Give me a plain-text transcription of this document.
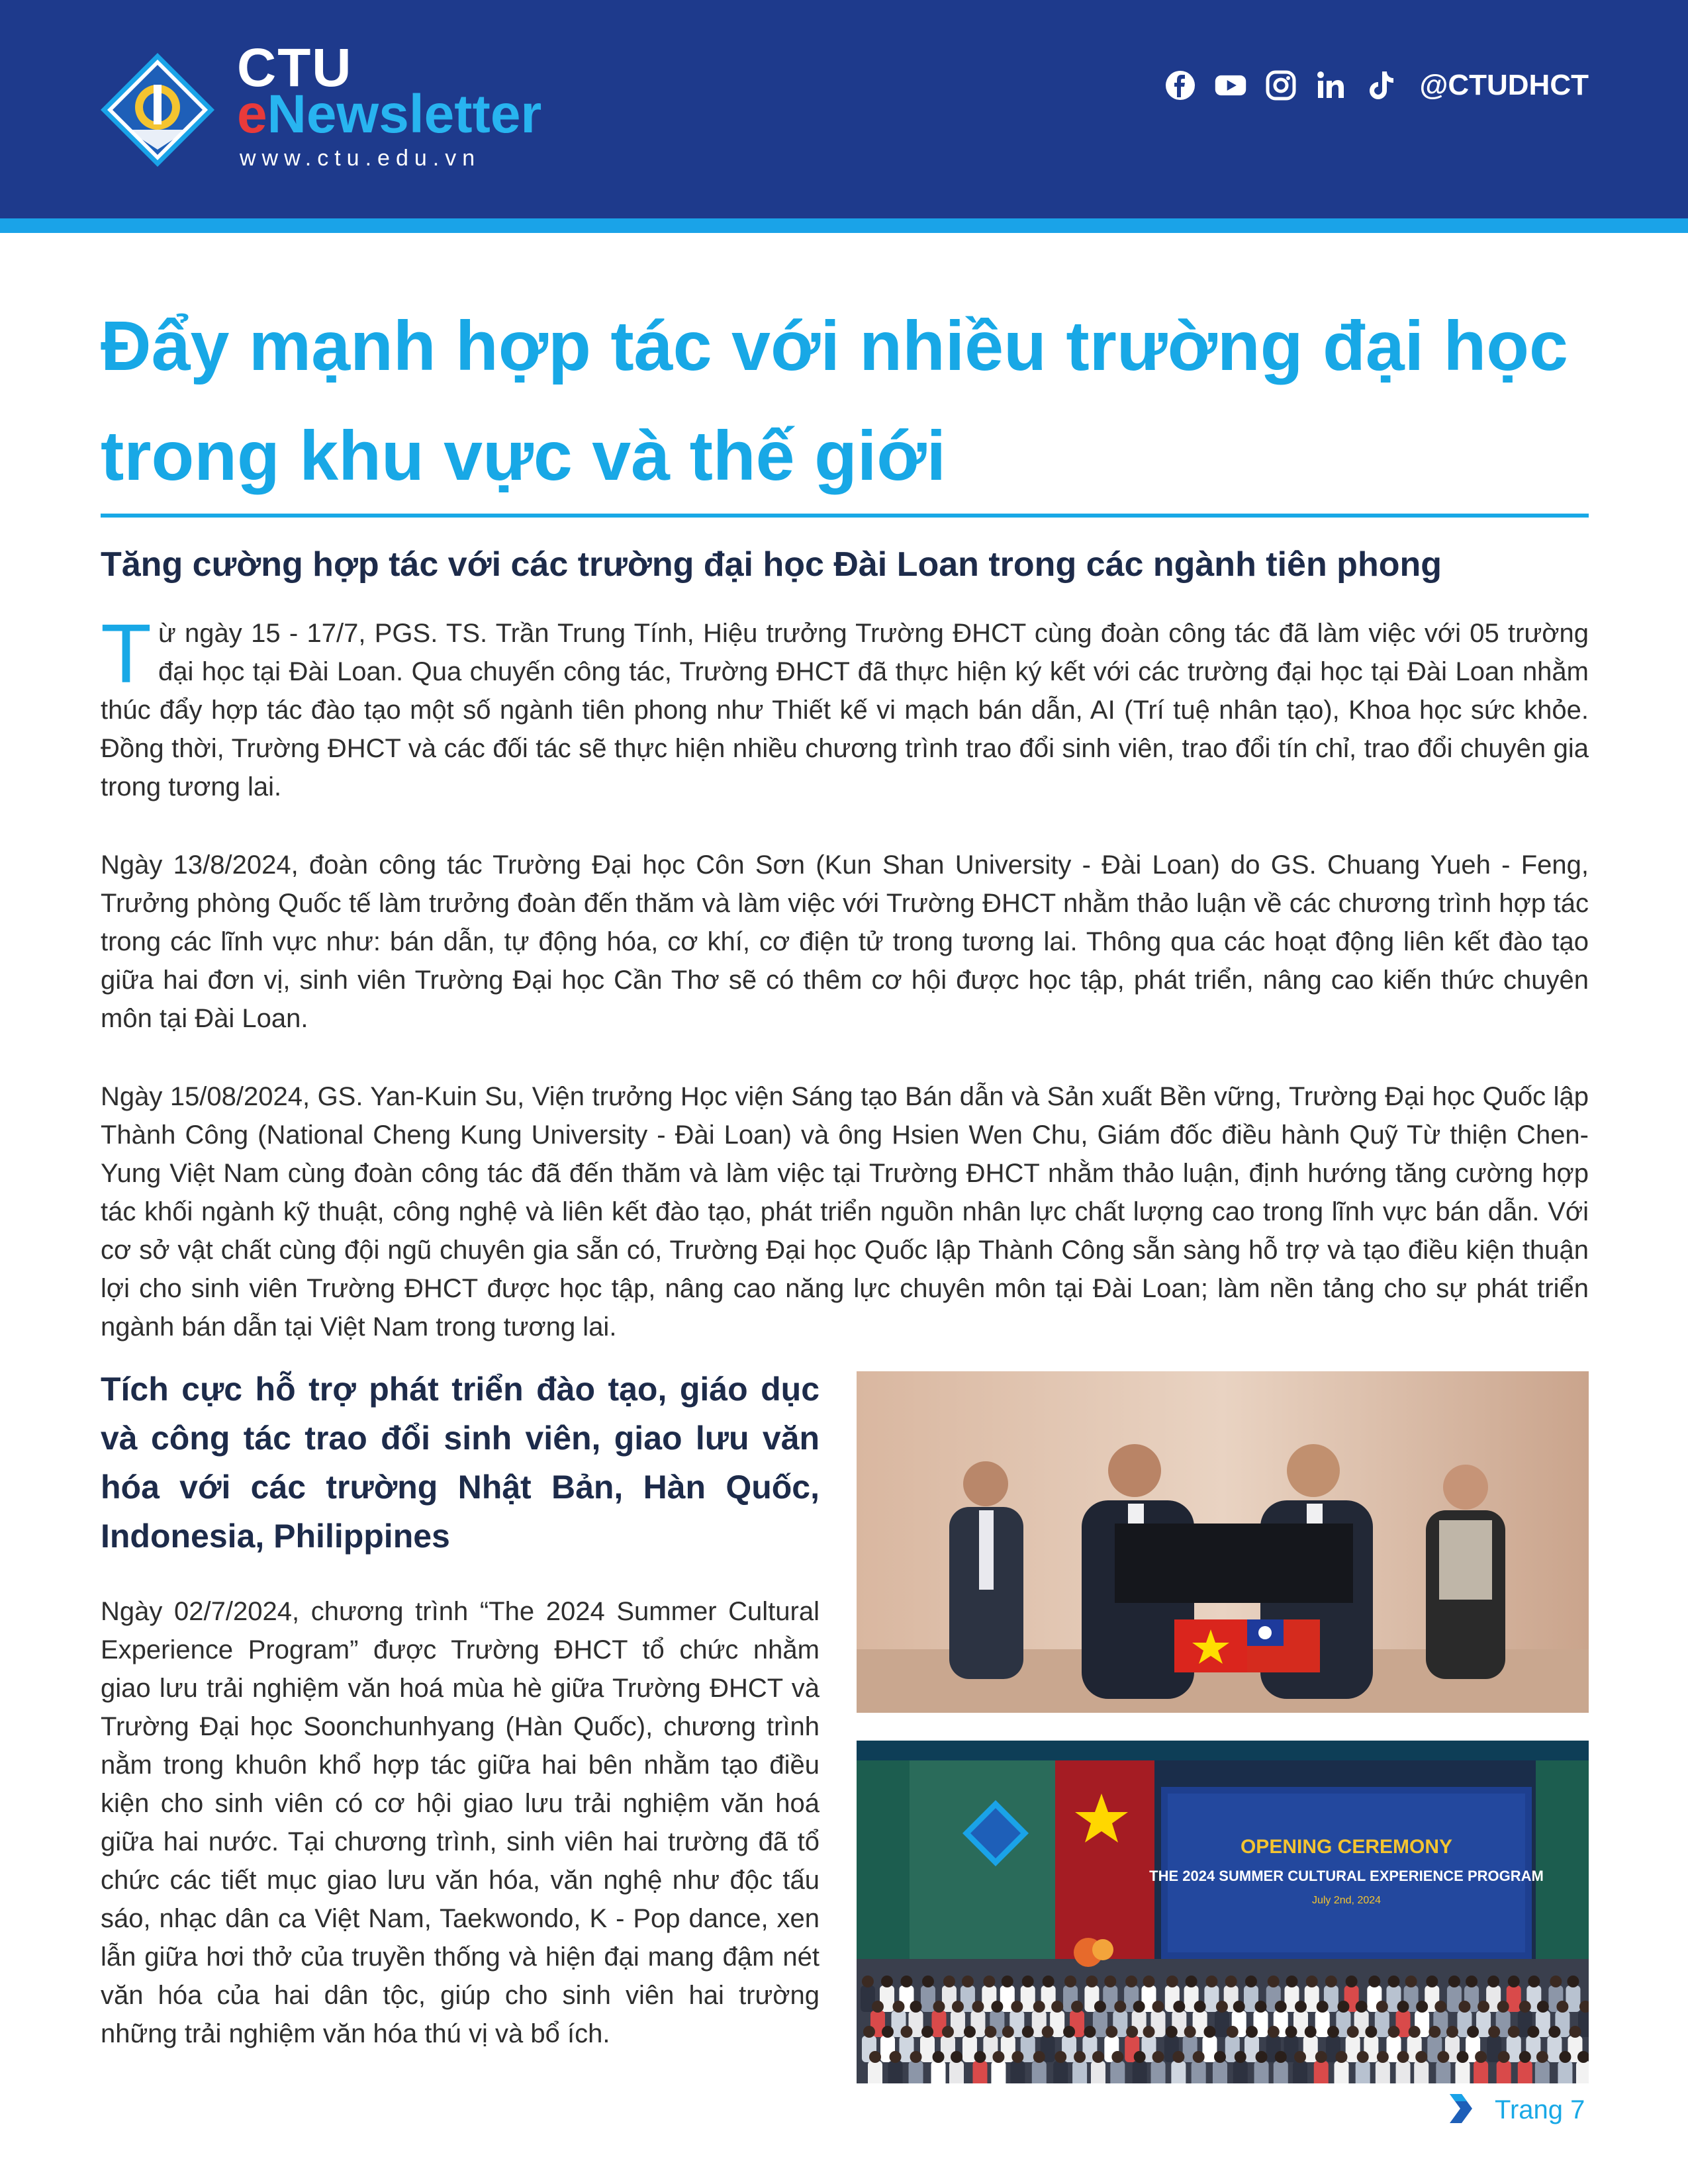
CTU
eNewsletter
www.ctu.edu.vn
@CTUDHCT
Đẩy mạnh hợp tác với nhiều trường đại học trong khu vực và thế giới
Tăng cường hợp tác với các trường đại học Đài Loan trong các ngành tiên phong

Từ ngày 15 - 17/7, PGS. TS. Trần Trung Tính, Hiệu trưởng Trường ĐHCT cùng đoàn công tác đã làm việc với 05 trường đại học tại Đài Loan. Qua chuyến công tác, Trường ĐHCT đã thực hiện ký kết với các trường đại học tại Đài Loan nhằm thúc đẩy hợp tác đào tạo một số ngành tiên phong như Thiết kế vi mạch bán dẫn, AI (Trí tuệ nhân tạo), Khoa học sức khỏe. Đồng thời, Trường ĐHCT và các đối tác sẽ thực hiện nhiều chương trình trao đổi sinh viên, trao đổi tín chỉ, trao đổi chuyên gia trong tương lai.

Ngày 13/8/2024, đoàn công tác Trường Đại học Côn Sơn (Kun Shan University - Đài Loan) do GS. Chuang Yueh - Feng, Trưởng phòng Quốc tế làm trưởng đoàn đến thăm và làm việc với Trường ĐHCT nhằm thảo luận về các chương trình hợp tác trong các lĩnh vực như: bán dẫn, tự động hóa, cơ khí, cơ điện tử trong tương lai. Thông qua các hoạt động liên kết đào tạo giữa hai đơn vị, sinh viên Trường Đại học Cần Thơ sẽ có thêm cơ hội được học tập, phát triển, nâng cao kiến thức chuyên môn tại Đài Loan.

Ngày 15/08/2024, GS. Yan-Kuin Su, Viện trưởng Học viện Sáng tạo Bán dẫn và Sản xuất Bền vững, Trường Đại học Quốc lập Thành Công (National Cheng Kung University - Đài Loan) và ông Hsien Wen Chu, Giám đốc điều hành Quỹ Từ thiện Chen-Yung Việt Nam cùng đoàn công tác đã đến thăm và làm việc tại Trường ĐHCT nhằm thảo luận, định hướng tăng cường hợp tác khối ngành kỹ thuật, công nghệ và liên kết đào tạo, phát triển nguồn nhân lực chất lượng cao trong lĩnh vực bán dẫn. Với cơ sở vật chất cùng đội ngũ chuyên gia sẵn có, Trường Đại học Quốc lập Thành Công sẵn sàng hỗ trợ và tạo điều kiện thuận lợi cho sinh viên Trường ĐHCT được học tập, nâng cao năng lực chuyên môn tại Đài Loan; làm nền tảng cho sự phát triển ngành bán dẫn tại Việt Nam trong tương lai.

Tích cực hỗ trợ phát triển đào tạo, giáo dục và công tác trao đổi sinh viên, giao lưu văn hóa với các trường Nhật Bản, Hàn Quốc, Indonesia, Philippines

Ngày 02/7/2024, chương trình “The 2024 Summer Cultural Experience Program” được Trường ĐHCT tổ chức nhằm giao lưu trải nghiệm văn hoá mùa hè giữa Trường ĐHCT và Trường Đại học Soonchunhyang (Hàn Quốc), chương trình nằm trong khuôn khổ hợp tác giữa hai bên nhằm tạo điều kiện cho sinh viên có cơ hội giao lưu trải nghiệm văn hoá giữa hai nước. Tại chương trình, sinh viên hai trường đã tổ chức các tiết mục giao lưu văn hóa, văn nghệ như độc tấu sáo, nhạc dân ca Việt Nam, Taekwondo, K - Pop dance, xen lẫn giữa hơi thở của truyền thống và hiện đại mang đậm nét văn hóa của hai dân tộc, giúp cho sinh viên hai trường những trải nghiệm văn hóa thú vị và bổ ích.

OPENING CEREMONY
THE 2024 SUMMER CULTURAL EXPERIENCE PROGRAM
July 2nd, 2024
Trang 7
